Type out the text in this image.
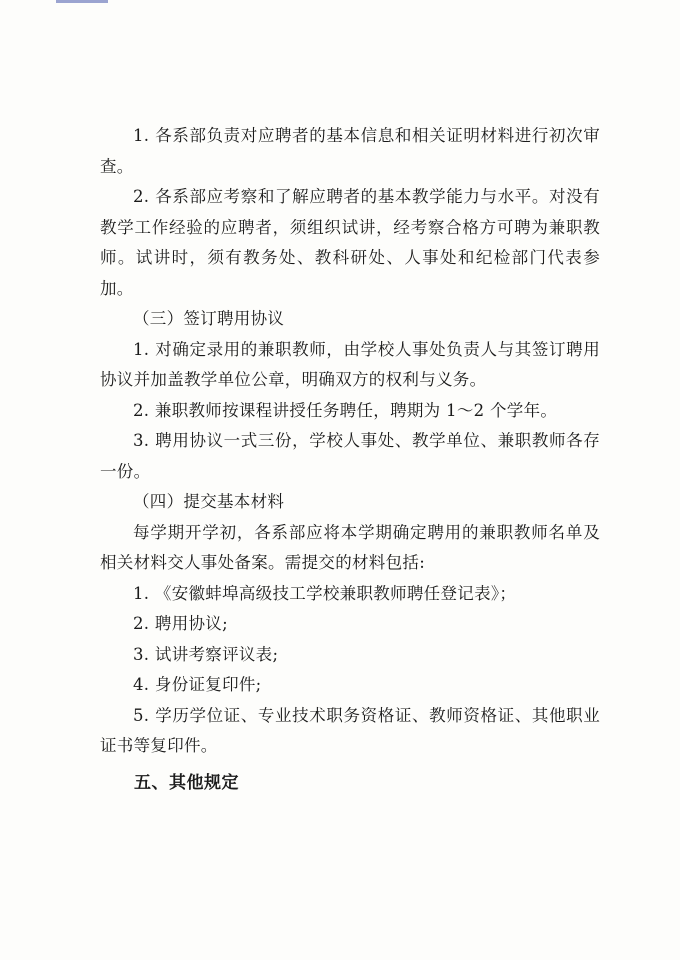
1. 各系部负责对应聘者的基本信息和相关证明材料进行初次审查。

2. 各系部应考察和了解应聘者的基本教学能力与水平。对没有教学工作经验的应聘者，须组织试讲，经考察合格方可聘为兼职教师。试讲时，须有教务处、教科研处、人事处和纪检部门代表参加。

（三）签订聘用协议

1. 对确定录用的兼职教师，由学校人事处负责人与其签订聘用协议并加盖教学单位公章，明确双方的权利与义务。

2. 兼职教师按课程讲授任务聘任，聘期为 1～2 个学年。

3. 聘用协议一式三份，学校人事处、教学单位、兼职教师各存一份。

（四）提交基本材料

每学期开学初，各系部应将本学期确定聘用的兼职教师名单及相关材料交人事处备案。需提交的材料包括:

1. 《安徽蚌埠高级技工学校兼职教师聘任登记表》；

2. 聘用协议;

3. 试讲考察评议表;

4. 身份证复印件;

5. 学历学位证、专业技术职务资格证、教师资格证、其他职业证书等复印件。

五、其他规定
